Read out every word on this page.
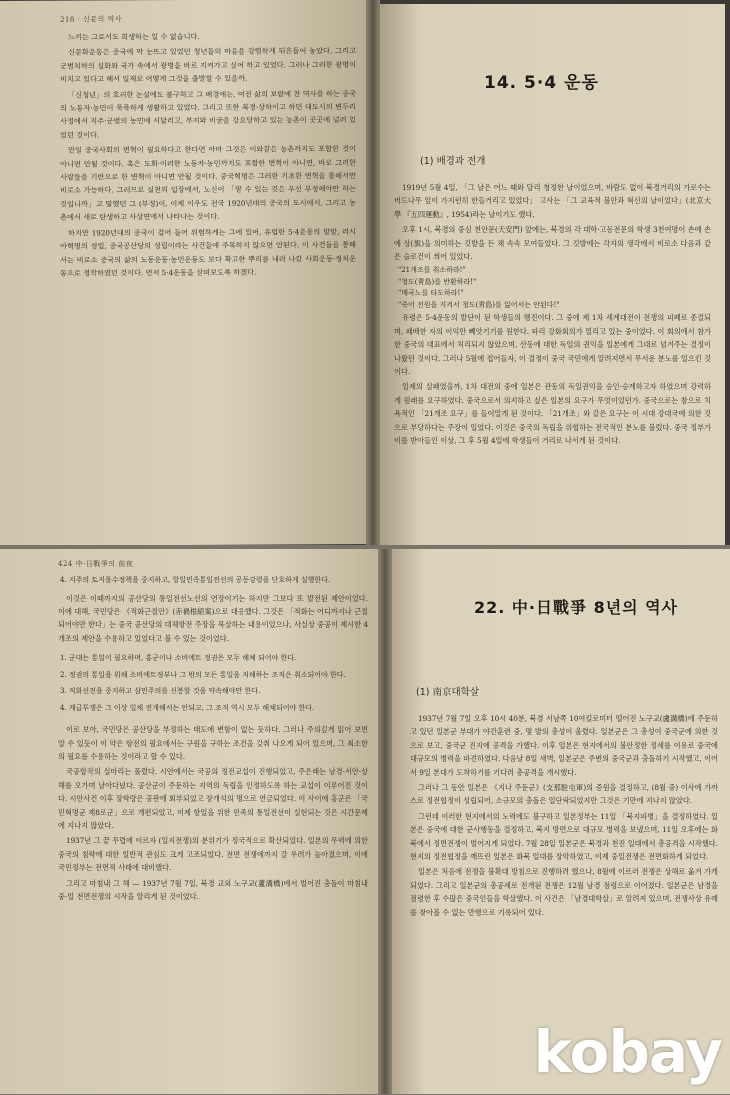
218 · 신문의 역사

느끼는 그로서도 희생하는 일 수 없습니다.

신문화운동은 중국에 막 눈뜨고 있었던 청년들의 마음을 강렬하게 뒤흔들어 놓았다. 그리고 군벌치하의 심화와 국가 속에서 광명을 바로 지켜가고 싶어 하고 있었다. 그러나 그러한 광명이 비치고 있다고 해서 일제로 어떻게 그것을 출발할 수 있을까.

「신청년」의 호리한 논설에도 불구하고 그 배경에는, 여전 삶의 보람에 찬 역사를 하는 중국의 노동자·농민이 묵묵하게 생활하고 있었다. 그리고 또한 북경·상하이고 하던 대도시의 변두리 사정에서 지주·군벌의 농민에 시달리고, 부지와 비굴을 강요당하고 있는 농촌이 곳곳에 널려 있었던 것이다.

만일 중국사회의 변혁이 필요하다고 한다면 아마 그것은 이와같은 농촌까지도 포함한 것이 아니면 안될 것이다. 혹은 도회·이러한 노동자·농민까지도 포함한 변혁이 아니면, 바로 그러한 사람들을 기반으로 한 변혁이 아니면 안될 것이다. 중국혁명은 그러한 기초한 변혁을 통해서만 비로소 가능하다. 그러므로 실천의 입장에서, 노신이 「말 수 있는 것은 우선 부정해야만 하는 것입니까」고 말했던 그 (부정)이, 이제 이우도 전국 1920년대의 중국의 도시에서, 그리고 농촌에서 새로 탄생하고 사상면에서 나타나는 것이다.

하지만 1920년대의 중국이 걸어 들어 위험하게는 그에 있어, 유럽한 5·4운동의 발발, 러시아혁명의 성립, 중국공산당의 성립이라는 사건들에 주목하지 않으면 안된다. 이 사건들을 통해서는 비로소 중국의 삶의 노동운동·농민운동도 보다 확고한 뿌리를 내려 나갈 사회운동·정치운동으로 정착하였던 것이다. 먼저 5·4운동을 살펴보도록 하겠다.

14. 5·4 운동
(1) 배경과 전개

1919년 5월 4일, 「그 날은 어느 때와 달리 청정한 날이었으며, 바람도 없이 북경거리의 가로수는 버드나무 잎이 가지런히 한들거리고 있었다」 고사는 「그 교육적 불안과 혁신의 날이었다」(北京大學 『五四運動』, 1954)라는 날이기도 했다.

오후 1시, 북경의 중심 천안문(天安門) 앞에는, 북경의 각 대학·고등전문의 학생 3천여명이 손에 손에 삼(旗)을 의미하는 깃발을 든 채 속속 모여들었다. 그 깃발에는 각자의 생각에서 비로소 다음과 같은 슬로건이 씌어 있었다.

"21개조를 취소하라!"

"청도(靑島)를 반환하라!"

"매국노를 타도하라!"

"죽어 전원을 지켜서 청도(靑島)를 잃어서는 안된다!"

유령은 5·4운동의 발단이 된 학생들의 행진이다. 그 중에 제 1차 세계대전이 전쟁의 피폐로 종결되며, 패배한 자의 이익만 빼앗기기를 원한다. 파리 강화회의가 열리고 있는 중이었다. 이 회의에서 참가한 중국의 대표에서 처리되지 않았으며, 산동에 대한 독일의 권익을 일본에게 그대로 넘겨주는 결정이 나왔던 것이다. 그러나 5월에 접어들자, 이 결정이 중국 국민에게 알려지면서 무서운 분노를 일으킨 것이다.

일제의 실패였을까, 1차 대전의 중에 일본은 관동의 독일권익을 승인·승계하고자 하였으며 강력하게 원래를 요구하였다. 중국으로서 의지하고 싶은 일본의 요구가 무엇이었던가. 중국으로는 참으로 치욕적인 「21개조 요구」를 들이밀게 된 것이다. 「21개조」와 같은 요구는 이 시대 강대국에 의한 것으로 부당하다는 주장이 일었다. 이것은 중국의 독립을 위협하는 전국적인 분노를 불렀다. 중국 정부가 이를 받아들인 이상, 그 후 5월 4일에 학생들이 거리로 나서게 된 것이다.

424 中·日戰爭의 前夜

4. 지주의 토지몰수정책을 중지하고, 항일민족통일전선의 공동강령을 단호하게 실행한다.

이것은 이때까지의 공산당의 통일전선노선의 연장이기는 하지만 그보다 또 발전된 제안이었다. 이에 대해, 국민당은 《적화근절안》(赤禍根絕案)으로 대응했다. 그것은 「적화는 어디까지나 근절되어야만 한다」는 중국 공산당의 대체항전 주장을 묵살하는 내용이었으나, 사실상 중공이 제시한 4개조의 제안을 수용하고 있었다고 볼 수 있는 것이었다.

1. 군대는 통일이 필요하며, 홍군이나 소비에트 정권은 모두 해체 되어야 한다.

2. 정권의 통일을 위해 소비에트정부나 그 밖의 모든 통일을 저해하는 조직은 취소되어야 한다.

3. 적화선전을 중지하고 삼민주의를 신봉할 것을 약속해야만 한다.

4. 계급투쟁은 그 이상 일체 전개해서는 안되고, 그 조직 역시 모두 해체되어야 한다.

이로 보아, 국민당은 공산당을 부정하는 태도에 변함이 없는 듯하다. 그러나 주의깊게 읽어 보면 알 수 있듯이 이 약은 항전의 필요에서는 구원을 구하는 조건을 갖춰 나오게 되어 있으며, 그 최소한의 필요를 수용하는 것이라고 할 수 있다.

국공합작의 실마리는 풀렸다. 시안에서는 국공의 정전교섭이 진행되었고, 주은래는 남경·서안·상해를 오가며 날아다녔다. 공산군이 주둔하는 지역의 독립을 인정하도록 하는 교섭이 이루어진 것이다. 시안사건 이후 장학량은 공판에 회부되었고 장개석의 명으로 연금되었다. 이 사이에 홍군은 「국민혁명군 제8로군」으로 개편되었고, 이제 항일을 위한 민족의 통일전선이 실현되는 것은 시간문제에 지나지 않았다.

1937년 그 끝 무렵에 이르자 (일지전쟁)의 분위기가 정국적으로 확산되었다. 일본의 무력에 의한 중국의 침략에 대한 일반적 관심도 크게 고조되었다. 전면 전쟁에까지 갈 우려가 높아졌으며, 이에 국민정부는 전면적 사태에 대비했다.

그리고 마침내 그 해 — 1937년 7월 7일, 북경 교외 노구교(蘆溝橋)에서 벌어진 충돌이 마침내 중·일 전면전쟁의 시작을 알리게 된 것이었다.

22. 中·日戰爭 8년의 역사
(1) 南京대학살

1937년 7월 7일 오후 10시 40분, 북경 서남쪽 10여킬로미터 떨어진 노구교(盧溝橋)에 주둔하고 있던 일본군 부대가 야간훈련 중, 몇 발의 총성이 울렸다. 일본군은 그 총성이 중국군에 의한 것으로 보고, 중국군 진지에 공격을 가했다. 이후 일본은 현지에서의 불안정한 정세를 이유로 중국에 대규모의 병력을 파견하였다. 다음날 8일 새벽, 일본군은 주변의 중국군과 충돌하기 시작했고, 이어서 9일 본대가 도착하기를 기다려 총공격을 개시했다.

그러나 그 동안 일본은 《지나 주둔군》(支那駐屯軍)의 증원을 결정하고, (8월 중) 이사에 가까스로 정전협정이 성립되어, 소규모의 충돌은 일단락되었지만 그것은 기만에 지나지 않았다.

그런데 이러한 현지에서의 노력에도 불구하고 일본정부는 11일 「북지파병」을 결정하였다. 일본은 중국에 대한 군사행동을 결정하고, 북지 방면으로 대규모 병력을 보냈으며, 11일 오후에는 화북에서 정면전쟁이 벌어지게 되었다. 7월 28일 일본군은 북경과 천진 일대에서 총공격을 시작했다. 현지의 정전협정을 깨뜨린 일본은 화북 일대를 장악하였고, 이제 중일전쟁은 전면화하게 되었다.

일본은 처음에 전쟁을 불확대 방침으로 진행하려 했으나, 8월에 이르러 전쟁은 상해로 옮겨 가게 되었다. 그리고 일본군의 총공세로 전개된 전쟁은 12월 남경 점령으로 이어졌다. 일본군은 남경을 점령한 후 수많은 중국인들을 학살했다. 이 사건은 「남경대학살」로 알려져 있으며, 전쟁사상 유례를 찾아볼 수 없는 만행으로 기록되어 있다.

kobay
